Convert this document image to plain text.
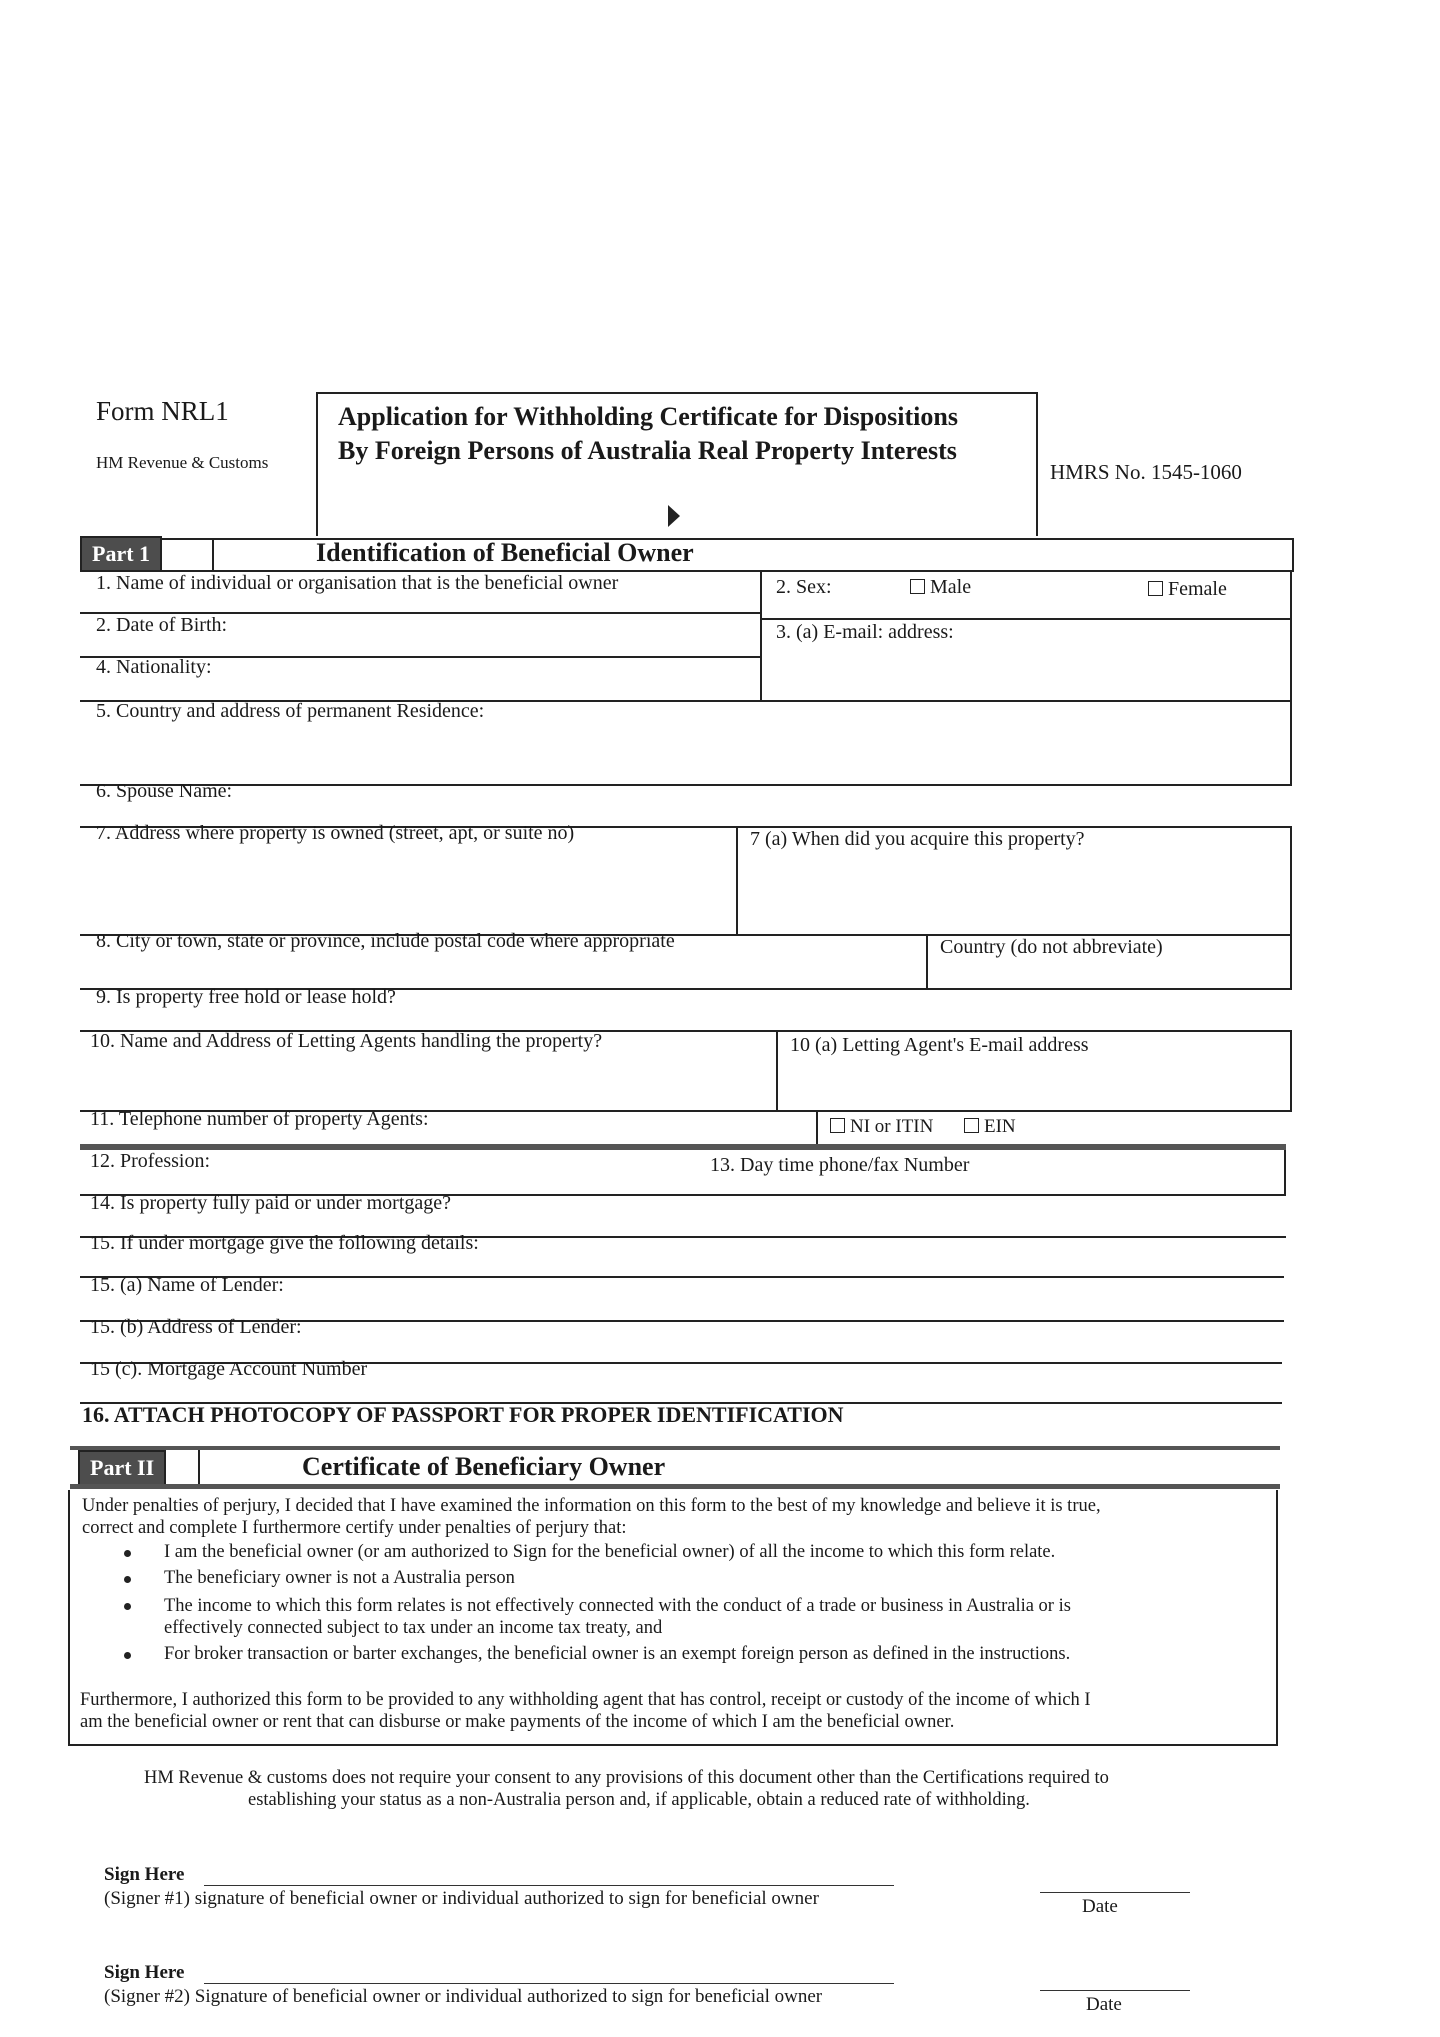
Form NRL1
HM Revenue & Customs
Application for Withholding Certificate for Dispositions
By Foreign Persons of Australia Real Property Interests
HMRS No. 1545-1060
Part 1	Identification of Beneficial Owner
1. Name of individual or organisation that is the beneficial owner	2. Sex:	Male	Female
2. Date of Birth:	3. (a) E-mail: address:
4. Nationality:
5. Country and address of permanent Residence:
6. Spouse Name:
7. Address where property is owned (street, apt, or suite no)	7 (a) When did you acquire this property?
8. City or town, state or province, include postal code where appropriate	Country (do not abbreviate)
9. Is property free hold or lease hold?
10. Name and Address of Letting Agents handling the property?	10 (a) Letting Agent's E-mail address
11. Telephone number of property Agents:	NI or ITIN	EIN
12. Profession:	13. Day time phone/fax Number
14. Is property fully paid or under mortgage?
15. If under mortgage give the following details:
15. (a) Name of Lender:
15. (b) Address of Lender:
15 (c). Mortgage Account Number
16. ATTACH PHOTOCOPY OF PASSPORT FOR PROPER IDENTIFICATION
Part II	Certificate of Beneficiary Owner
Under penalties of perjury, I decided that I have examined the information on this form to the best of my knowledge and believe it is true,
correct and complete I furthermore certify under penalties of perjury that:
I am the beneficial owner (or am authorized to Sign for the beneficial owner) of all the income to which this form relate.
The beneficiary owner is not a Australia person
The income to which this form relates is not effectively connected with the conduct of a trade or business in Australia or is
effectively connected subject to tax under an income tax treaty, and
For broker transaction or barter exchanges, the beneficial owner is an exempt foreign person as defined in the instructions.
Furthermore, I authorized this form to be provided to any withholding agent that has control, receipt or custody of the income of which I
am the beneficial owner or rent that can disburse or make payments of the income of which I am the beneficial owner.
HM Revenue & customs does not require your consent to any provisions of this document other than the Certifications required to
establishing your status as a non-Australia person and, if applicable, obtain a reduced rate of withholding.
Sign Here
(Signer #1) signature of beneficial owner or individual authorized to sign for beneficial owner	Date
Sign Here
(Signer #2) Signature of beneficial owner or individual authorized to sign for beneficial owner	Date
